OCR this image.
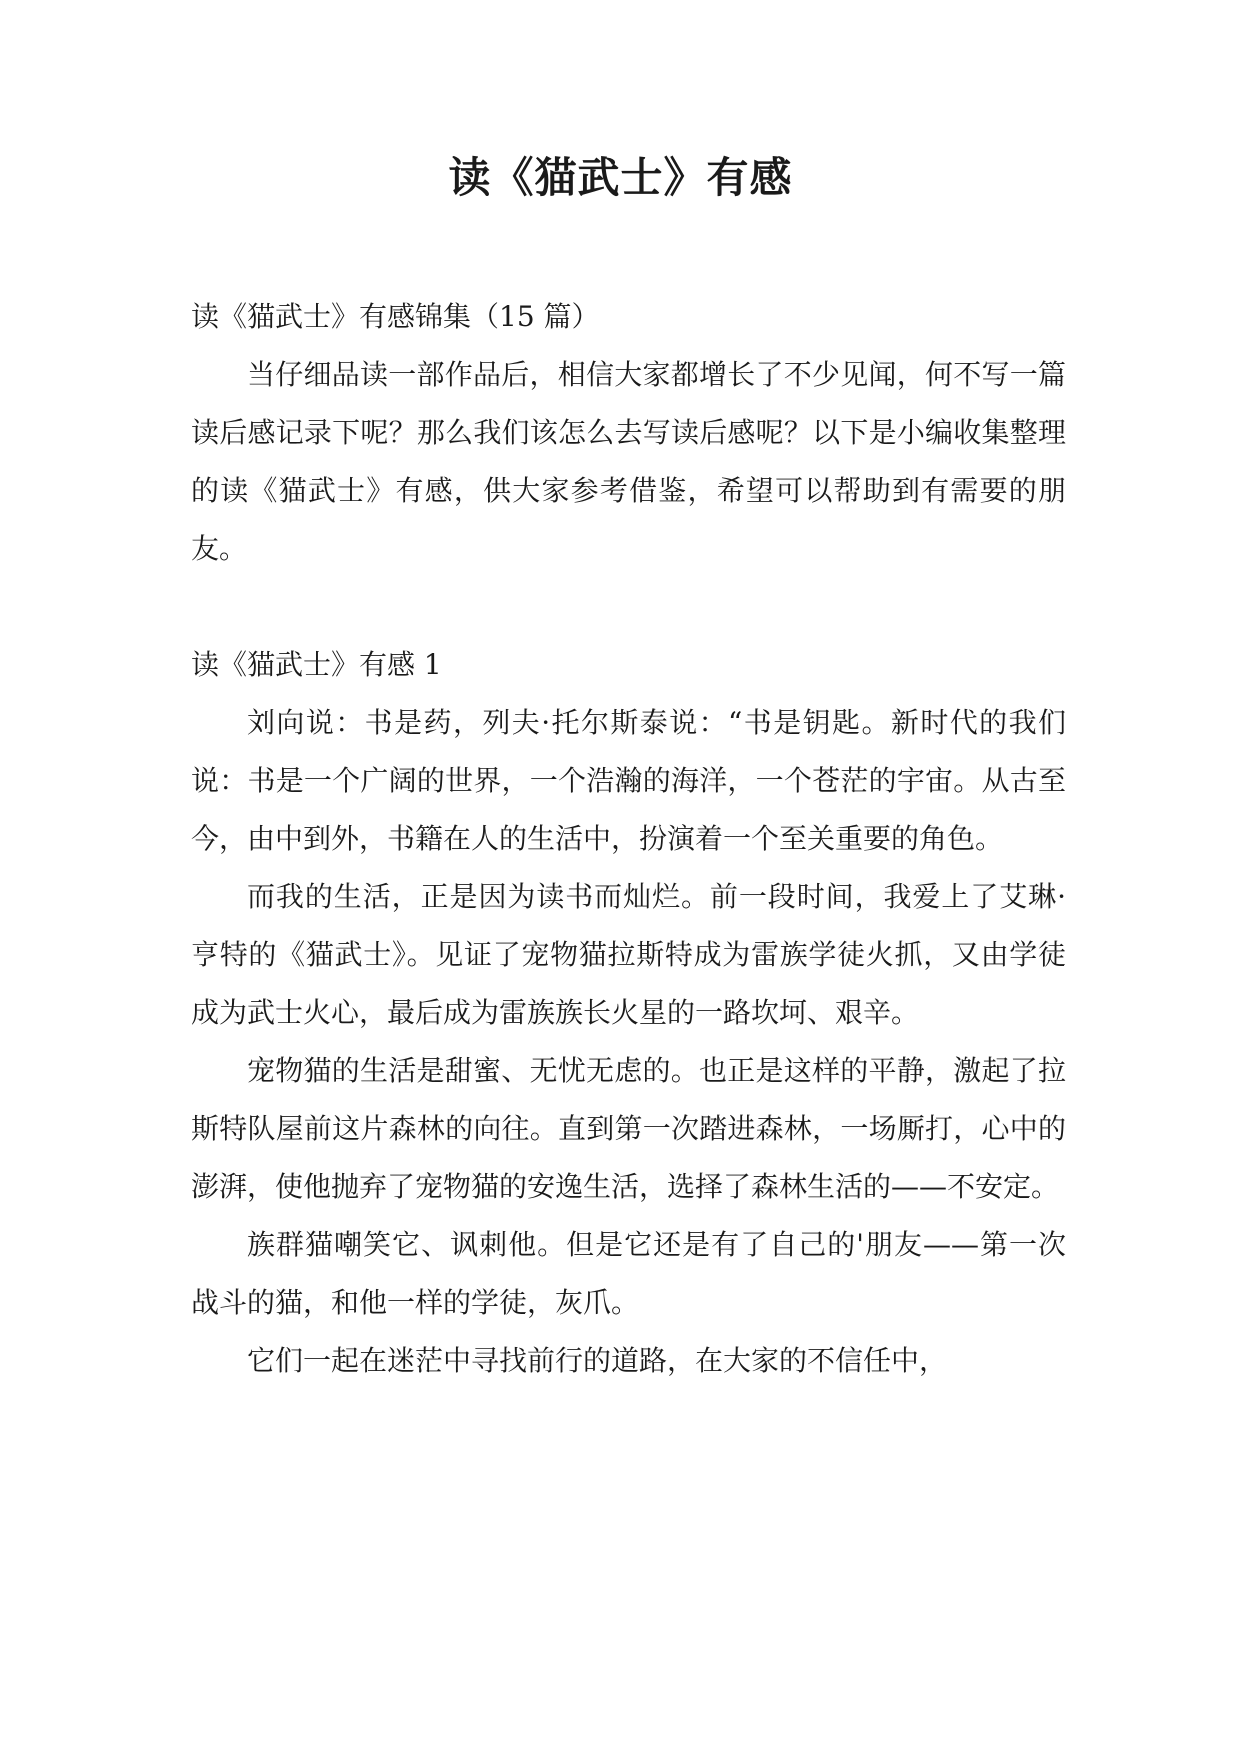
读《猫武士》有感

读《猫武士》有感锦集（15 篇）

当仔细品读一部作品后，相信大家都增长了不少见闻，何不写一篇读后感记录下呢？那么我们该怎么去写读后感呢？以下是小编收集整理的读《猫武士》有感，供大家参考借鉴，希望可以帮助到有需要的朋友。

读《猫武士》有感 1

刘向说：书是药，列夫·托尔斯泰说：“书是钥匙。新时代的我们说：书是一个广阔的世界，一个浩瀚的海洋，一个苍茫的宇宙。从古至今，由中到外，书籍在人的生活中，扮演着一个至关重要的角色。

而我的生活，正是因为读书而灿烂。前一段时间，我爱上了艾琳·亨特的《猫武士》。见证了宠物猫拉斯特成为雷族学徒火抓，又由学徒成为武士火心，最后成为雷族族长火星的一路坎坷、艰辛。

宠物猫的生活是甜蜜、无忧无虑的。也正是这样的平静，激起了拉斯特队屋前这片森林的向往。直到第一次踏进森林，一场厮打，心中的澎湃，使他抛弃了宠物猫的安逸生活，选择了森林生活的——不安定。

族群猫嘲笑它、讽刺他。但是它还是有了自己的'朋友——第一次战斗的猫，和他一样的学徒，灰爪。

它们一起在迷茫中寻找前行的道路，在大家的不信任中，
